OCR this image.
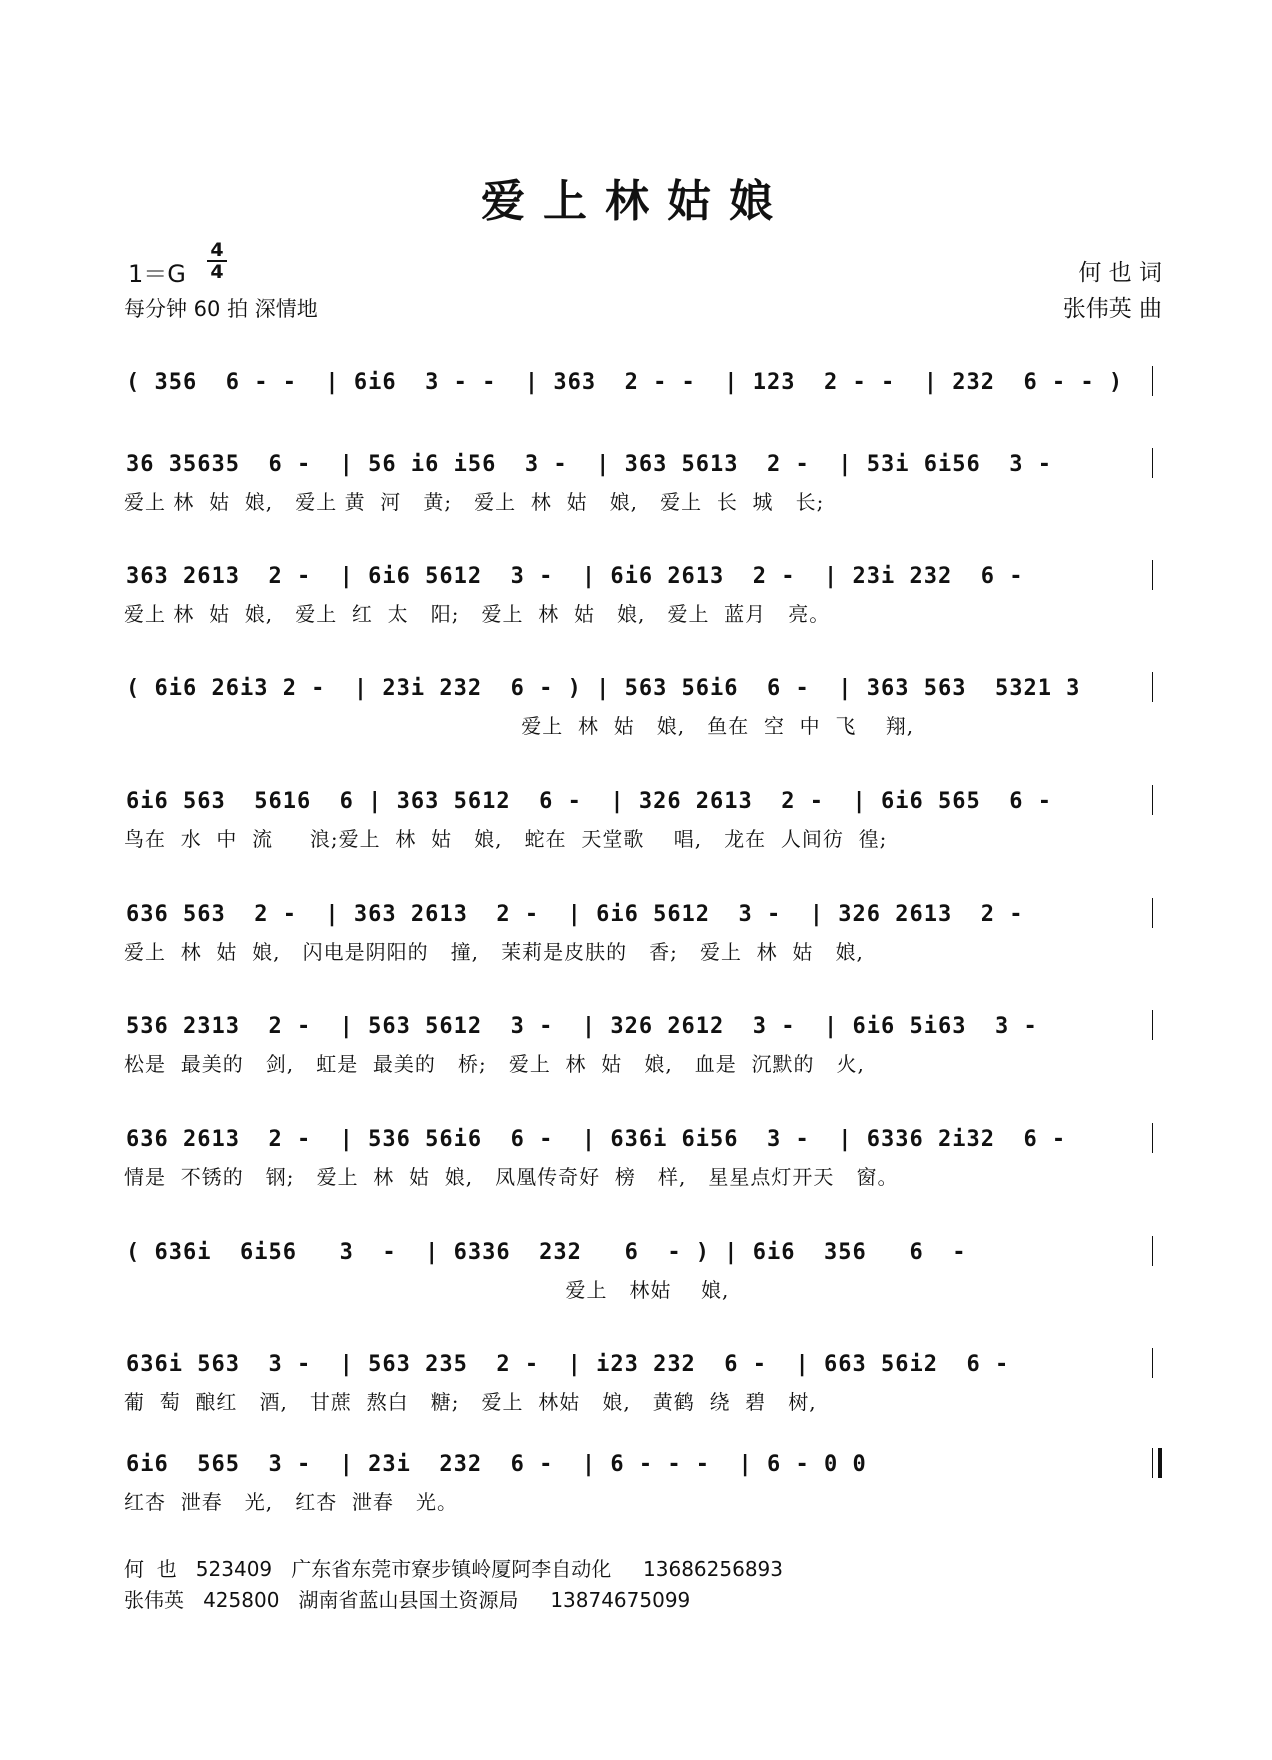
爱上林姑娘
1＝G
4
4
每分钟 60 拍 深情地
何 也 词
张伟英 曲
( 356  6 - -  | 6i6  3 - -  | 363  2 - -  | 123  2 - -  | 232  6 - - )
36 35635  6 -  | 56 i6 i56  3 -  | 363 5613  2 -  | 53i 6i56  3 -
爱上 林  姑  娘,   爱上 黄  河   黄;   爱上  林  姑   娘,   爱上  长  城   长;
363 2613  2 -  | 6i6 5612  3 -  | 6i6 2613  2 -  | 23i 232  6 -
爱上 林  姑  娘,   爱上  红  太   阳;   爱上  林  姑   娘,   爱上  蓝月   亮。
( 6i6 26i3 2 -  | 23i 232  6 - ) | 563 56i6  6 -  | 363 563  5321 3
爱上  林  姑   娘,   鱼在  空  中  飞    翔,
6i6 563  5616  6 | 363 5612  6 -  | 326 2613  2 -  | 6i6 565  6 -
鸟在  水  中  流     浪;爱上  林  姑   娘,   蛇在  天堂歌    唱,   龙在  人间彷  徨;
636 563  2 -  | 363 2613  2 -  | 6i6 5612  3 -  | 326 2613  2 -
爱上  林  姑  娘,   闪电是阴阳的   撞,   茉莉是皮肤的   香;   爱上  林  姑   娘,
536 2313  2 -  | 563 5612  3 -  | 326 2612  3 -  | 6i6 5i63  3 -
松是  最美的   剑,   虹是  最美的   桥;   爱上  林  姑   娘,   血是  沉默的   火,
636 2613  2 -  | 536 56i6  6 -  | 636i 6i56  3 -  | 6336 2i32  6 -
情是  不锈的   钢;   爱上  林  姑  娘,   凤凰传奇好  榜   样,   星星点灯开天   窗。
( 636i  6i56   3  -  | 6336  232   6  - ) | 6i6  356   6  -
爱上   林姑    娘,
636i 563  3 -  | 563 235  2 -  | i23 232  6 -  | 663 56i2  6 -
葡  萄  酿红   酒,   甘蔗  熬白   糖;   爱上  林姑   娘,   黄鹤  绕  碧   树,
6i6  565  3 -  | 23i  232  6 -  | 6 - - -  | 6 - 0 0
红杏  泄春   光,   红杏  泄春   光。
何  也 523409 广东省东莞市寮步镇岭厦阿李自动化 13686256893
张伟英 425800 湖南省蓝山县国土资源局 13874675099
